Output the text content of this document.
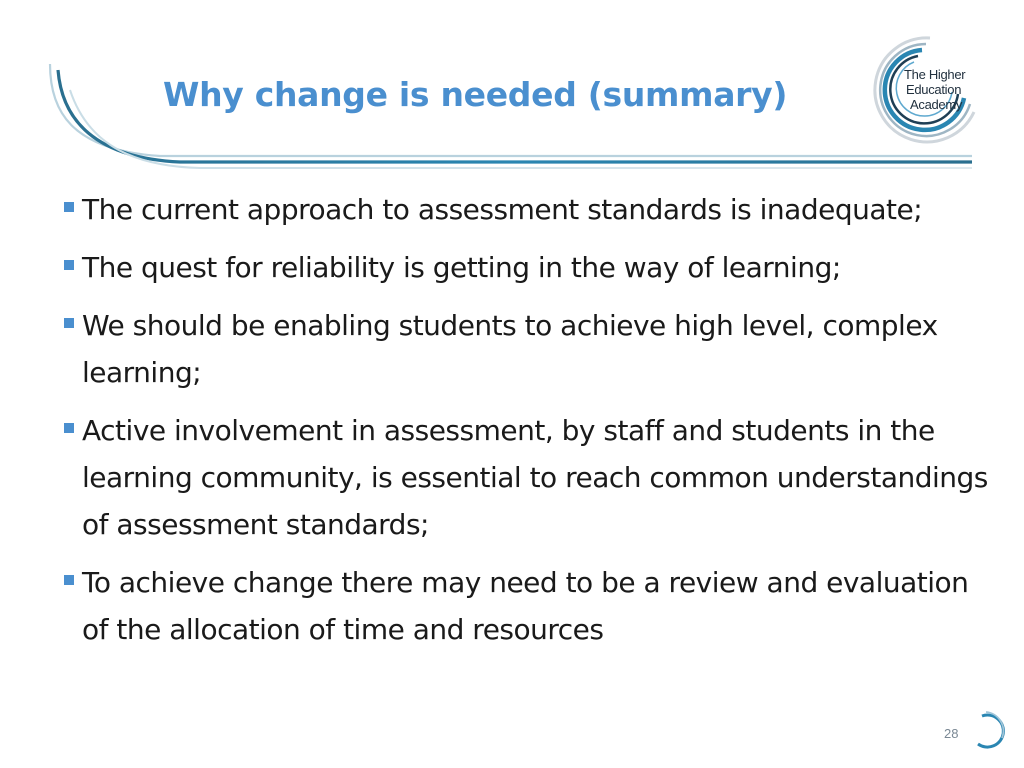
Why change is needed (summary)
The Higher
Education
Academy
The current approach to assessment standards is inadequate;
The quest for reliability is getting in the way of learning;
We should be enabling students to achieve high level, complex learning;
Active involvement in assessment, by staff and students in the learning community, is essential to reach common understandings of assessment standards;
To achieve change there may need to be a review and evaluation of the allocation of time and resources
28
